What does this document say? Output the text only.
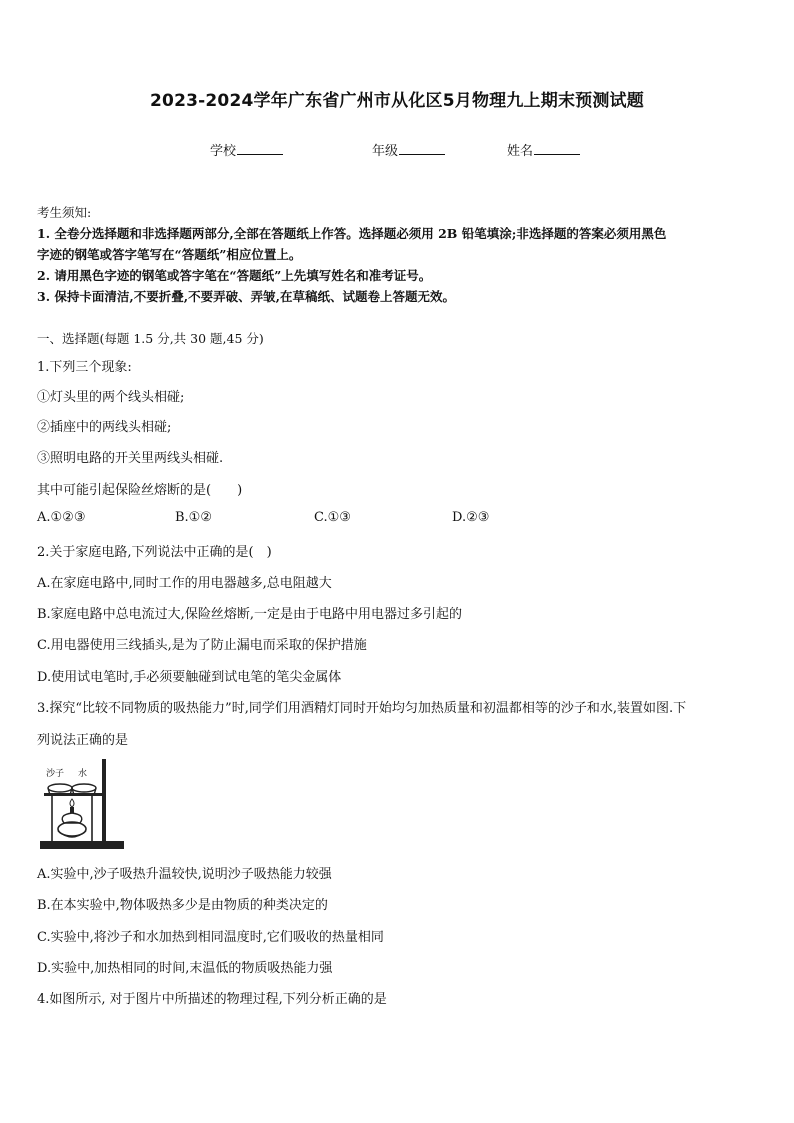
2023-2024学年广东省广州市从化区5月物理九上期末预测试题
学校	年级	姓名
考生须知:
1. 全卷分选择题和非选择题两部分,全部在答题纸上作答。选择题必须用 2B 铅笔填涂;非选择题的答案必须用黑色
字迹的钢笔或答字笔写在“答题纸”相应位置上。
2. 请用黑色字迹的钢笔或答字笔在“答题纸”上先填写姓名和准考证号。
3. 保持卡面清洁,不要折叠,不要弄破、弄皱,在草稿纸、试题卷上答题无效。
一、选择题(每题 1.5 分,共 30 题,45 分)
1.下列三个现象:
①灯头里的两个线头相碰;
②插座中的两线头相碰;
③照明电路的开关里两线头相碰.
其中可能引起保险丝熔断的是(　　)
A.①②③	B.①②	C.①③	D.②③
2.关于家庭电路,下列说法中正确的是(　)
A.在家庭电路中,同时工作的用电器越多,总电阻越大
B.家庭电路中总电流过大,保险丝熔断,一定是由于电路中用电器过多引起的
C.用电器使用三线插头,是为了防止漏电而采取的保护措施
D.使用试电笔时,手必须要触碰到试电笔的笔尖金属体
3.探究“比较不同物质的吸热能力”时,同学们用酒精灯同时开始均匀加热质量和初温都相等的沙子和水,装置如图.下
列说法正确的是
沙子 水
A.实验中,沙子吸热升温较快,说明沙子吸热能力较强
B.在本实验中,物体吸热多少是由物质的种类决定的
C.实验中,将沙子和水加热到相同温度时,它们吸收的热量相同
D.实验中,加热相同的时间,末温低的物质吸热能力强
4.如图所示, 对于图片中所描述的物理过程,下列分析正确的是
